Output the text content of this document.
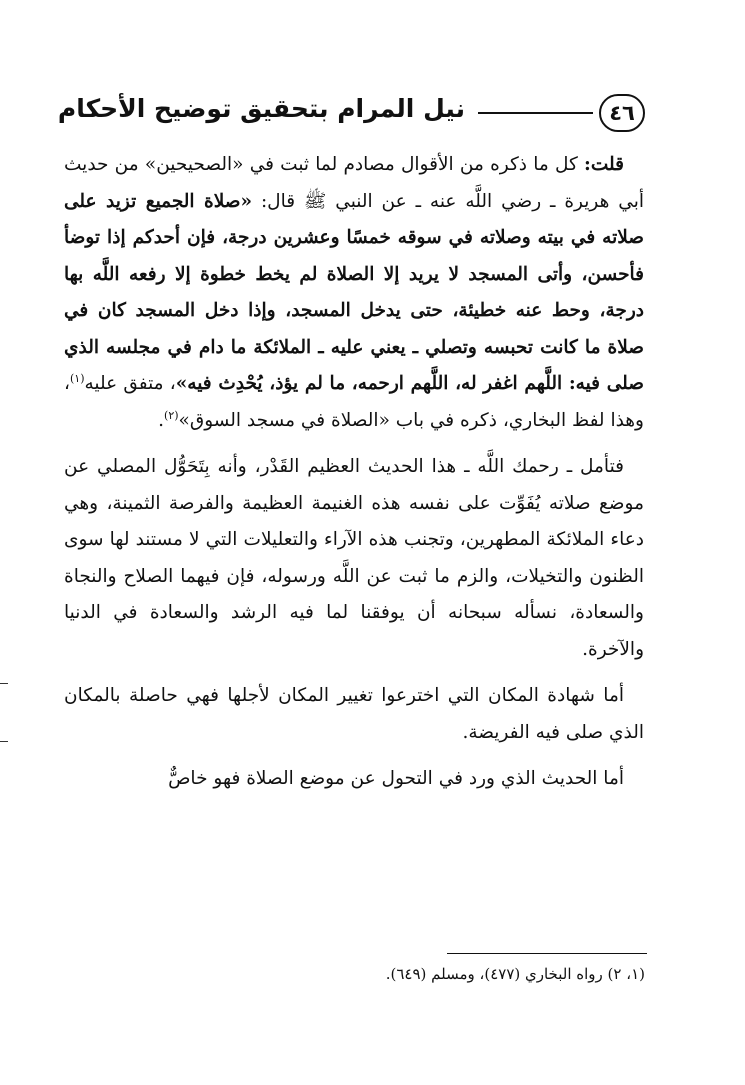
٤٦
نيل المرام بتحقيق توضيح الأحكام

قلت: كل ما ذكره من الأقوال مصادم لما ثبت في «الصحيحين» من حديث أبي هريرة ـ رضي اللَّه عنه ـ عن النبي ﷺ قال: «صلاة الجميع تزيد على صلاته في بيته وصلاته في سوقه خمسًا وعشرين درجة، فإن أحدكم إذا توضأ فأحسن، وأتى المسجد لا يريد إلا الصلاة لم يخط خطوة إلا رفعه اللَّه بها درجة، وحط عنه خطيئة، حتى يدخل المسجد، وإذا دخل المسجد كان في صلاة ما كانت تحبسه وتصلي ـ يعني عليه ـ الملائكة ما دام في مجلسه الذي صلى فيه: اللَّهم اغفر له، اللَّهم ارحمه، ما لم يؤذ، يُحْدِث فيه»، متفق عليه$^{(١)}$، وهذا لفظ البخاري، ذكره في باب «الصلاة في مسجد السوق»$^{(٢)}$.

فتأمل ـ رحمك اللَّه ـ هذا الحديث العظيم القَدْر، وأنه بِتَحَوُّل المصلي عن موضع صلاته يُفَوِّت على نفسه هذه الغنيمة العظيمة والفرصة الثمينة، وهي دعاء الملائكة المطهرين، وتجنب هذه الآراء والتعليلات التي لا مستند لها سوى الظنون والتخيلات، والزم ما ثبت عن اللَّه ورسوله، فإن فيهما الصلاح والنجاة والسعادة، نسأله سبحانه أن يوفقنا لما فيه الرشد والسعادة في الدنيا والآخرة.

أما شهادة المكان التي اخترعوا تغيير المكان لأجلها فهي حاصلة بالمكان الذي صلى فيه الفريضة.

أما الحديث الذي ورد في التحول عن موضع الصلاة فهو خاصٌّ

(١، ٢) رواه البخاري (٤٧٧)، ومسلم (٦٤٩).
